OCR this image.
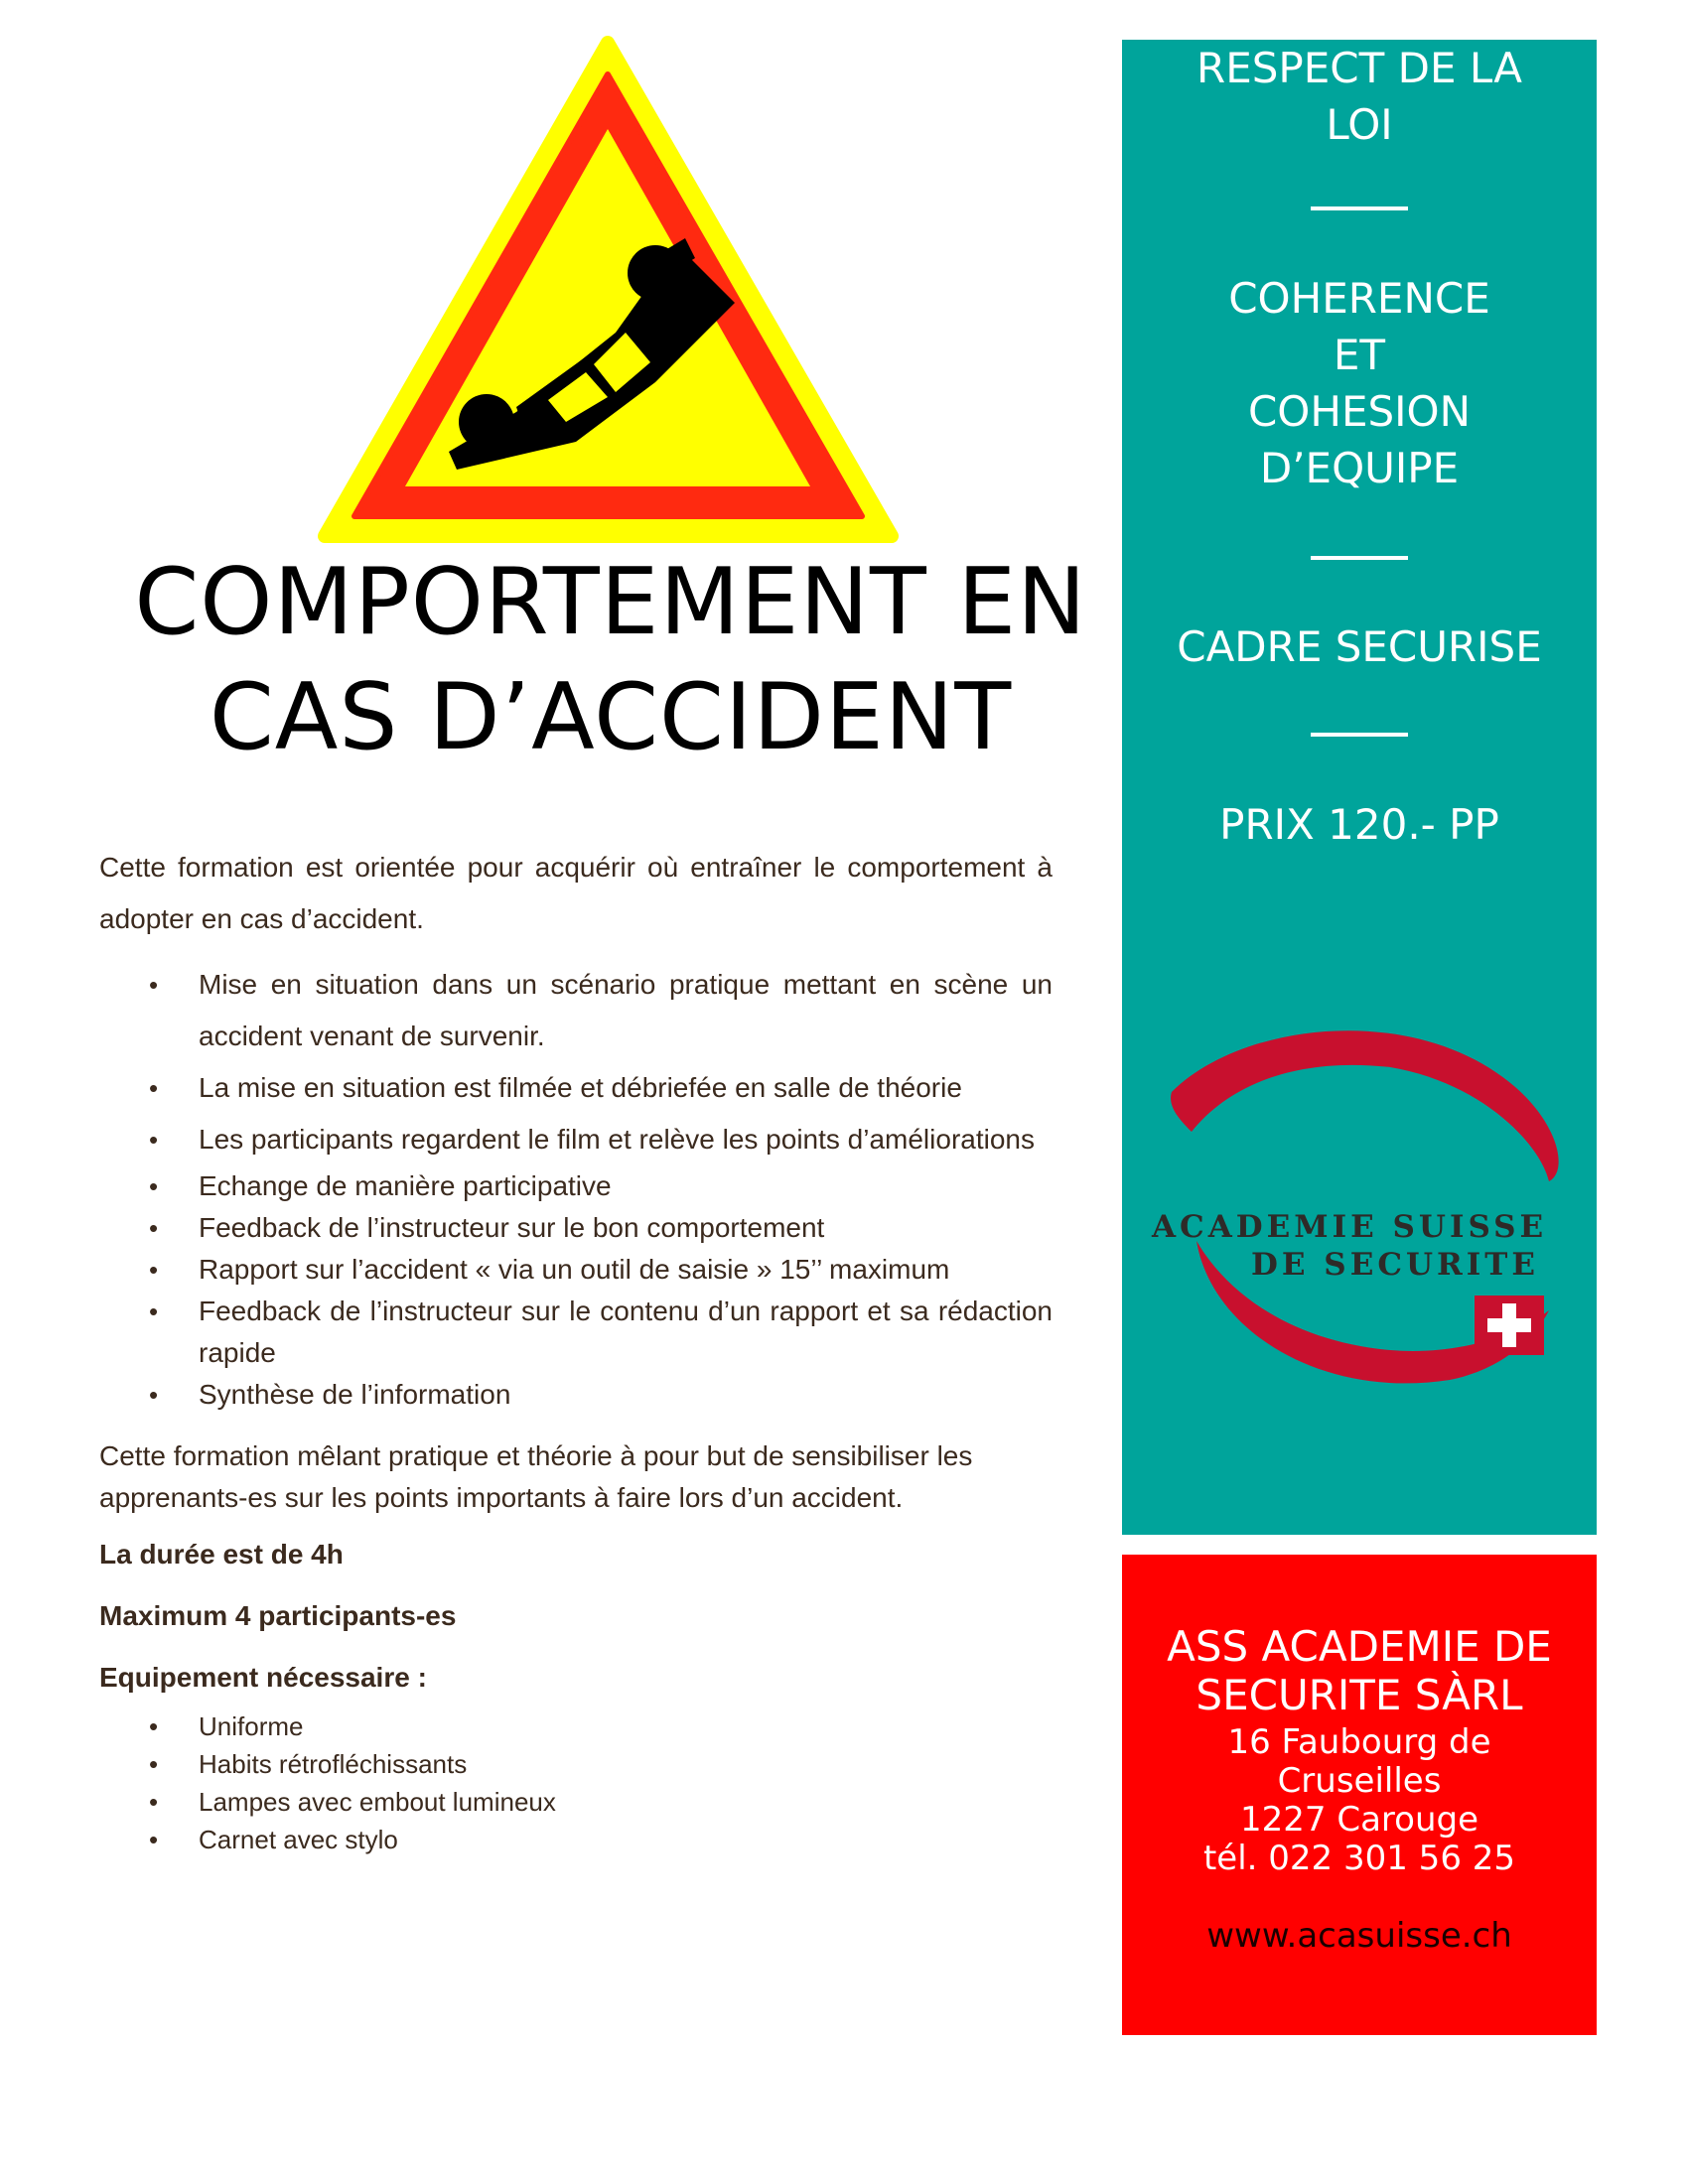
COMPORTEMENT EN
CAS D’ACCIDENT

Cette formation est orientée pour acquérir où entraîner le comportement à adopter en cas d’accident.

• Mise en situation dans un scénario pratique mettant en scène un accident venant de survenir.
• La mise en situation est filmée et débriefée en salle de théorie
• Les participants regardent le film et relève les points d’améliorations
• Echange de manière participative
• Feedback de l’instructeur sur le bon comportement
• Rapport sur l’accident « via un outil de saisie » 15’’ maximum
• Feedback de l’instructeur sur le contenu d’un rapport et sa rédaction rapide
• Synthèse de l’information

Cette formation mêlant pratique et théorie à pour but de sensibiliser les apprenants-es sur les points importants à faire lors d’un accident.

La durée est de 4h

Maximum 4 participants-es

Equipement nécessaire :

• Uniforme
• Habits rétrofléchissants
• Lampes avec embout lumineux
• Carnet avec stylo
RESPECT DE LA
LOI
COHERENCE
ET
COHESION
D’EQUIPE
CADRE SECURISE
PRIX 120.- PP
ACADEMIE SUISSE
DE SECURITE
ASS ACADEMIE DE
SECURITE SÀRL
16 Faubourg de
Cruseilles
1227 Carouge
tél. 022 301 56 25
www.acasuisse.ch
